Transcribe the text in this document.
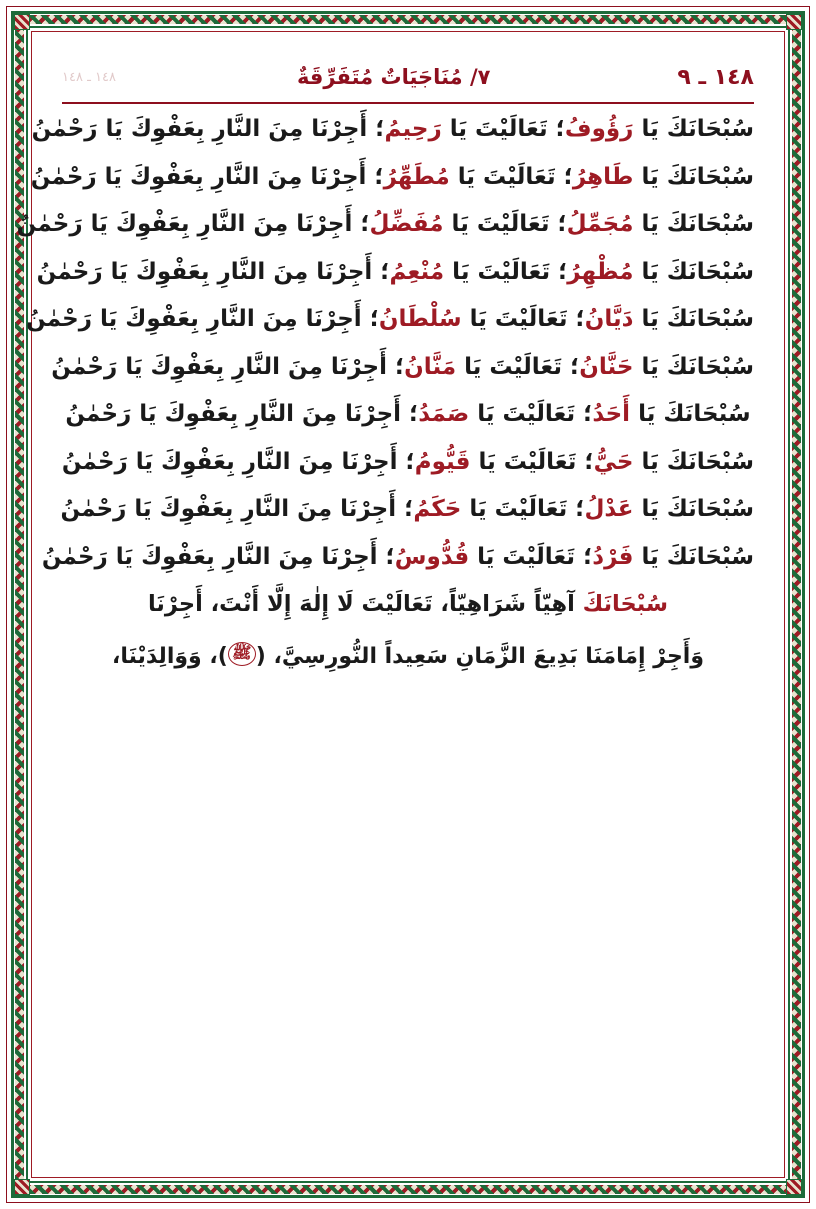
١٤٨ ـ ٩
٧/ مُنَاجَيَاتٌ مُتَفَرِّقَةٌ
١٤٨ ـ ١٤٨
سُبْحَانَكَ يَا رَؤُوفُ؛ تَعَالَيْتَ يَا رَحِيمُ؛ أَجِرْنَا مِنَ النَّارِ بِعَفْوِكَ يَا رَحْمٰنُ
سُبْحَانَكَ يَا طَاهِرُ؛ تَعَالَيْتَ يَا مُطَهِّرُ؛ أَجِرْنَا مِنَ النَّارِ بِعَفْوِكَ يَا رَحْمٰنُ
سُبْحَانَكَ يَا مُجَمِّلُ؛ تَعَالَيْتَ يَا مُفَضِّلُ؛ أَجِرْنَا مِنَ النَّارِ بِعَفْوِكَ يَا رَحْمٰنُ
سُبْحَانَكَ يَا مُظْهِرُ؛ تَعَالَيْتَ يَا مُنْعِمُ؛ أَجِرْنَا مِنَ النَّارِ بِعَفْوِكَ يَا رَحْمٰنُ
سُبْحَانَكَ يَا دَيَّانُ؛ تَعَالَيْتَ يَا سُلْطَانُ؛ أَجِرْنَا مِنَ النَّارِ بِعَفْوِكَ يَا رَحْمٰنُ
سُبْحَانَكَ يَا حَنَّانُ؛ تَعَالَيْتَ يَا مَنَّانُ؛ أَجِرْنَا مِنَ النَّارِ بِعَفْوِكَ يَا رَحْمٰنُ
سُبْحَانَكَ يَا أَحَدُ؛ تَعَالَيْتَ يَا صَمَدُ؛ أَجِرْنَا مِنَ النَّارِ بِعَفْوِكَ يَا رَحْمٰنُ
سُبْحَانَكَ يَا حَيُّ؛ تَعَالَيْتَ يَا قَيُّومُ؛ أَجِرْنَا مِنَ النَّارِ بِعَفْوِكَ يَا رَحْمٰنُ
سُبْحَانَكَ يَا عَدْلُ؛ تَعَالَيْتَ يَا حَكَمُ؛ أَجِرْنَا مِنَ النَّارِ بِعَفْوِكَ يَا رَحْمٰنُ
سُبْحَانَكَ يَا فَرْدُ؛ تَعَالَيْتَ يَا قُدُّوسُ؛ أَجِرْنَا مِنَ النَّارِ بِعَفْوِكَ يَا رَحْمٰنُ
سُبْحَانَكَ آهِيّاً شَرَاهِيّاً، تَعَالَيْتَ لَا إِلٰهَ إِلَّا أَنْتَ، أَجِرْنَا
وَأَجِرْ إِمَامَنَا بَدِيعَ الزَّمَانِ سَعِيداً النُّورِسِيَّ، (ﷺ)، وَوَالِدَيْنَا،
